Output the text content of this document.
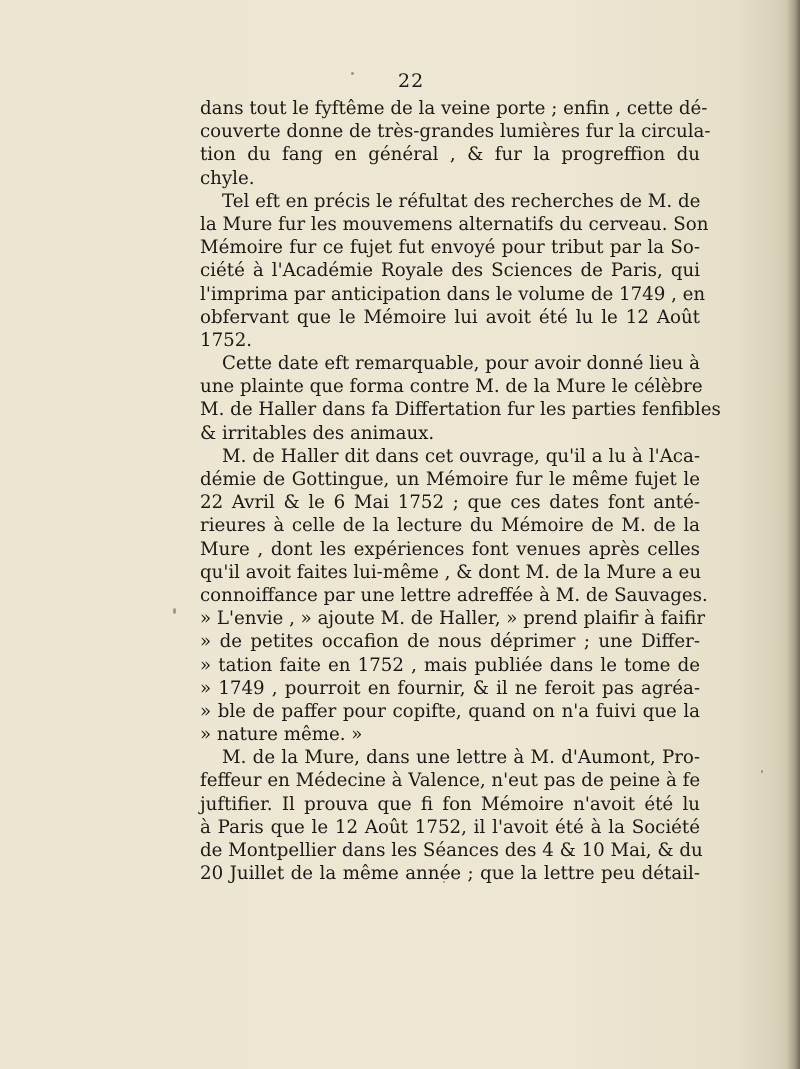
22
dans tout le fyftême de la veine porte ; enfin , cette dé-
couverte donne de très-grandes lumières fur la circula-
tion du fang en général , & fur la progreffion du
chyle.
Tel eft en précis le réfultat des recherches de M. de
la Mure fur les mouvemens alternatifs du cerveau. Son
Mémoire fur ce fujet fut envoyé pour tribut par la So-
ciété à l'Académie Royale des Sciences de Paris, qui
l'imprima par anticipation dans le volume de 1749 , en
obfervant que le Mémoire lui avoit été lu le 12 Août
1752.
Cette date eft remarquable, pour avoir donné lieu à
une plainte que forma contre M. de la Mure le célèbre
M. de Haller dans fa Differtation fur les parties fenfibles
& irritables des animaux.
M. de Haller dit dans cet ouvrage, qu'il a lu à l'Aca-
démie de Gottingue, un Mémoire fur le même fujet le
22 Avril & le 6 Mai 1752 ; que ces dates font anté-
rieures à celle de la lecture du Mémoire de M. de la
Mure , dont les expériences font venues après celles
qu'il avoit faites lui-même , & dont M. de la Mure a eu
connoiffance par une lettre adreffée à M. de Sauvages.
» L'envie , » ajoute M. de Haller, » prend plaifir à faifir
» de petites occafion de nous déprimer ; une Differ-
» tation faite en 1752 , mais publiée dans le tome de
» 1749 , pourroit en fournir, & il ne feroit pas agréa-
» ble de paffer pour copifte, quand on n'a fuivi que la
» nature même. »
M. de la Mure, dans une lettre à M. d'Aumont, Pro-
feffeur en Médecine à Valence, n'eut pas de peine à fe
juftifier. Il prouva que fi fon Mémoire n'avoit été lu
à Paris que le 12 Août 1752, il l'avoit été à la Société
de Montpellier dans les Séances des 4 & 10 Mai, & du
20 Juillet de la même année ; que la lettre peu détail-
